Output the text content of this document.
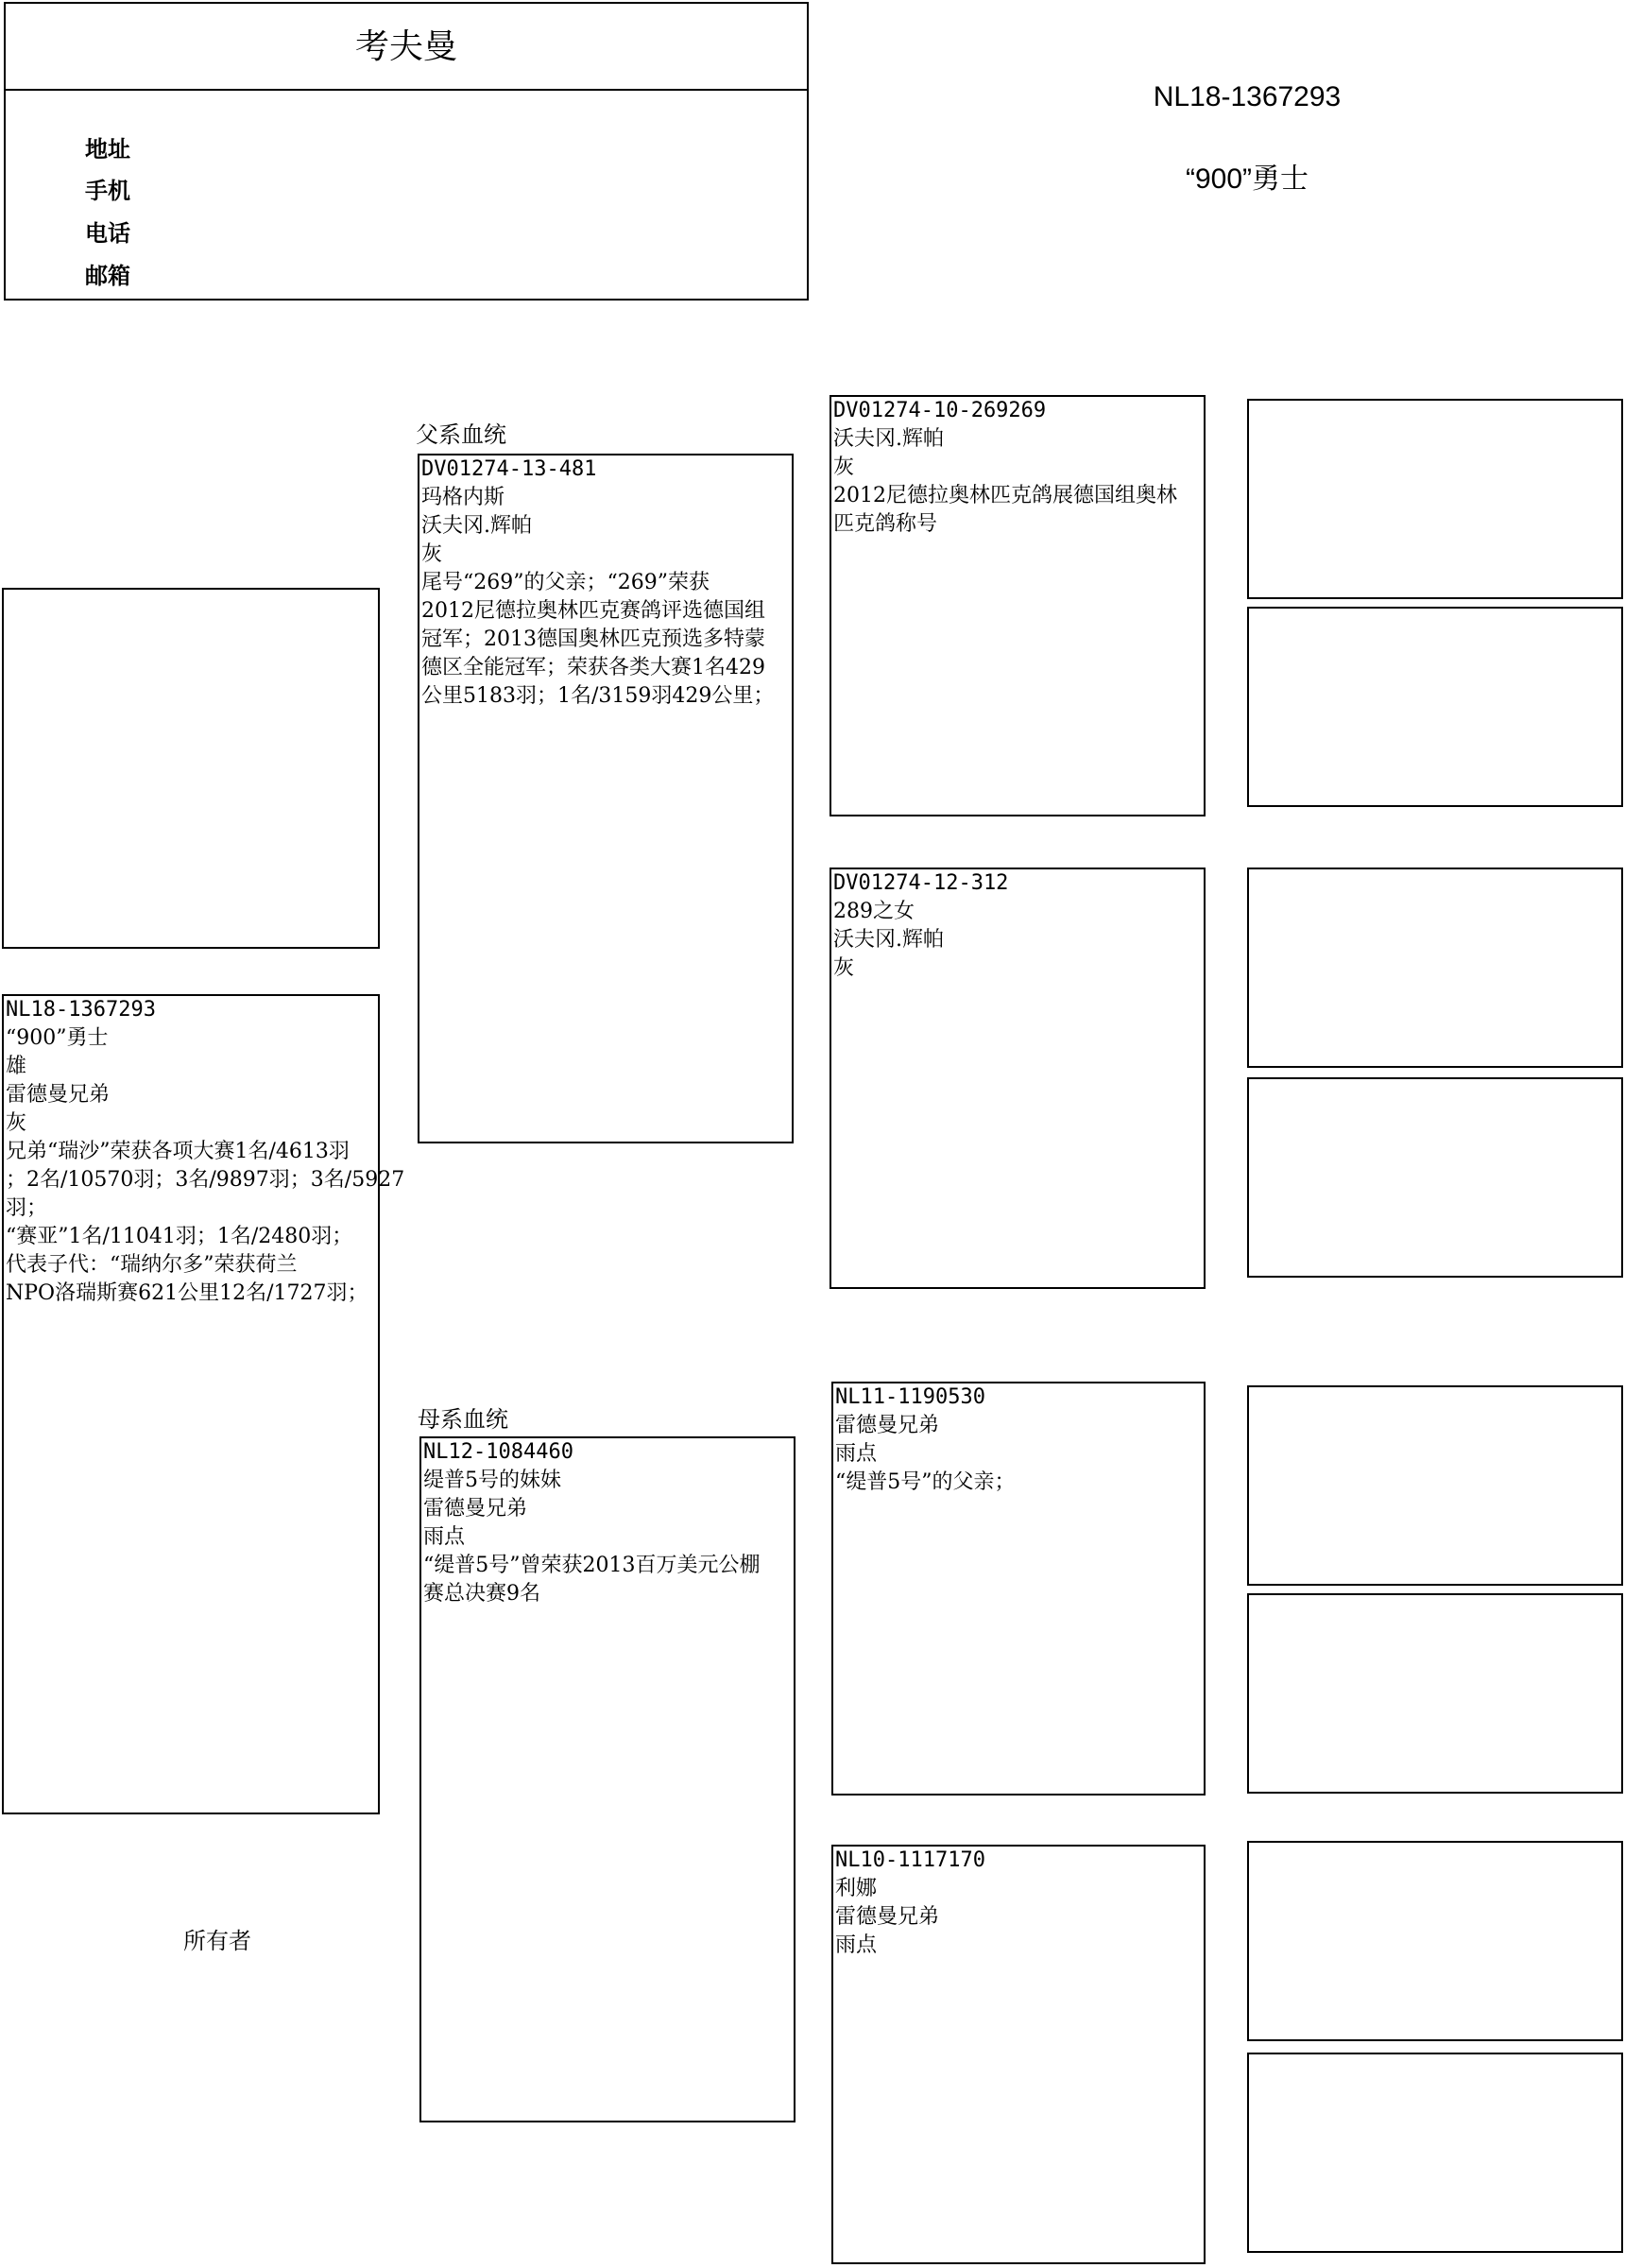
考夫曼
地址
手机
电话
邮箱
NL18-1367293
“900”勇士
NL18-1367293
“900”勇士
雄
雷德曼兄弟
灰
兄弟“瑞沙”荣获各项大赛1名/4613羽
；2名/10570羽；3名/9897羽；3名/5927
羽；
“赛亚”1名/11041羽；1名/2480羽；
代表子代：“瑞纳尔多”荣获荷兰
NPO洛瑞斯赛621公里12名/1727羽；
所有者
父系血统
DV01274-13-481
玛格内斯
沃夫冈.辉帕
灰
尾号“269”的父亲；“269”荣获
2012尼德拉奥林匹克赛鸽评选德国组
冠军；2013德国奥林匹克预选多特蒙
德区全能冠军；荣获各类大赛1名429
公里5183羽；1名/3159羽429公里；
母系血统
NL12-1084460
缇普5号的妹妹
雷德曼兄弟
雨点
“缇普5号”曾荣获2013百万美元公棚
赛总决赛9名
DV01274-10-269269
沃夫冈.辉帕
灰
2012尼德拉奥林匹克鸽展德国组奥林
匹克鸽称号
DV01274-12-312
289之女
沃夫冈.辉帕
灰
NL11-1190530
雷德曼兄弟
雨点
“缇普5号”的父亲；
NL10-1117170
利娜
雷德曼兄弟
雨点
